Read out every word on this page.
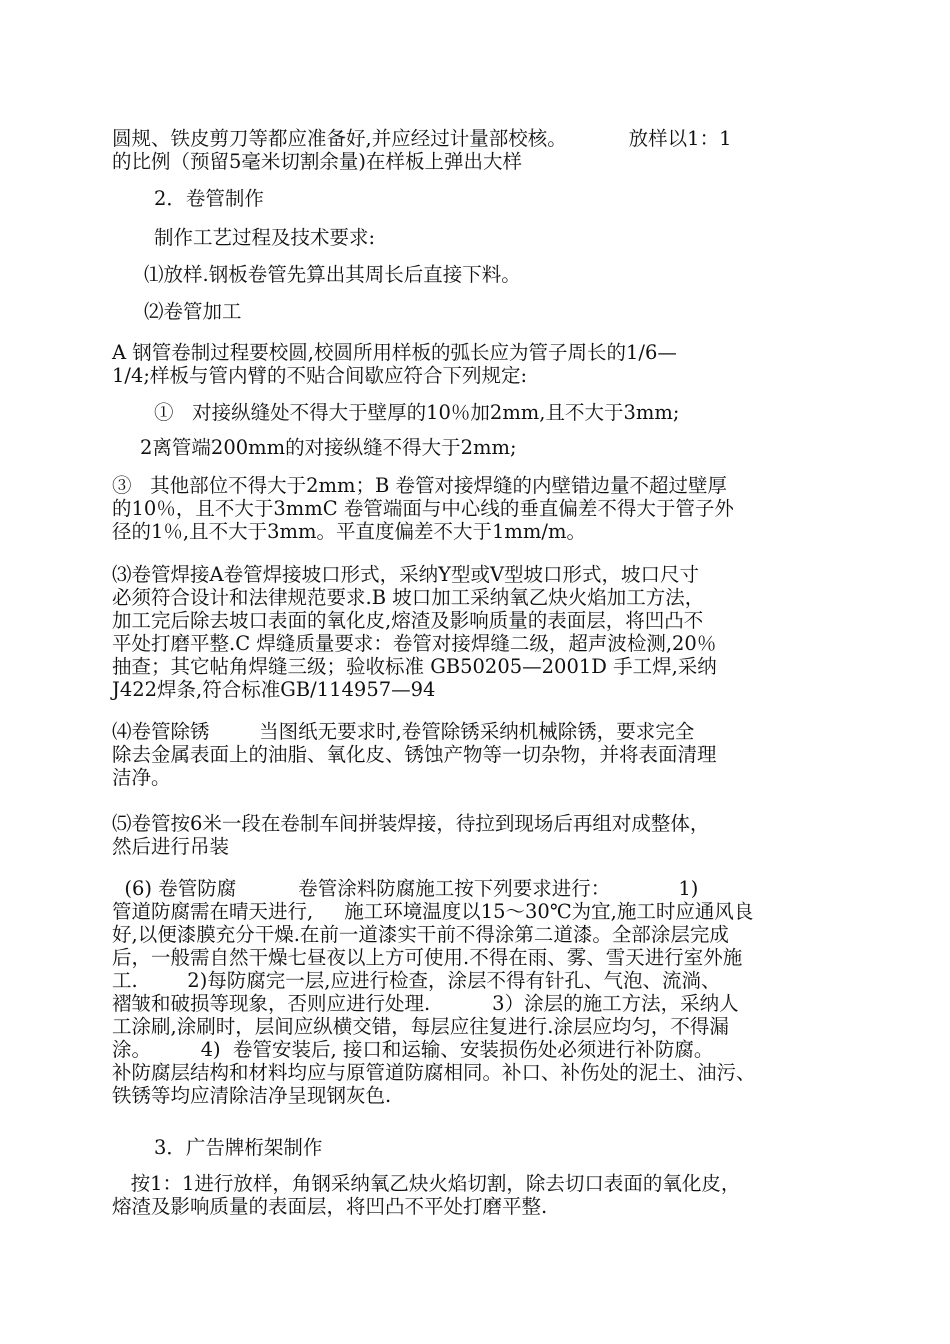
圆规、铁皮剪刀等都应准备好,并应经过计量部校核。          放样以1：1
的比例（预留5毫米切割余量)在样板上弹出大样

2．卷管制作

制作工艺过程及技术要求:

⑴放样.钢板卷管先算出其周长后直接下料。

⑵卷管加工

A 钢管卷制过程要校圆,校圆所用样板的弧长应为管子周长的1/6—
1/4;样板与管内臂的不贴合间歇应符合下列规定:

①   对接纵缝处不得大于壁厚的10％加2mm,且不大于3mm;

2离管端200mm的对接纵缝不得大于2mm;

③   其他部位不得大于2mm；B 卷管对接焊缝的内壁错边量不超过壁厚
的10％，且不大于3mmC 卷管端面与中心线的垂直偏差不得大于管子外
径的1％,且不大于3mm。平直度偏差不大于1mm/m。

⑶卷管焊接A卷管焊接坡口形式，采纳Y型或V型坡口形式，坡口尺寸
必须符合设计和法律规范要求.B 坡口加工采纳氧乙炔火焰加工方法，
加工完后除去坡口表面的氧化皮,熔渣及影响质量的表面层，将凹凸不
平处打磨平整.C 焊缝质量要求：卷管对接焊缝二级，超声波检测,20％
抽查；其它帖角焊缝三级；验收标准 GB50205—2001D 手工焊,采纳
J422焊条,符合标准GB/114957—94

⑷卷管除锈        当图纸无要求时,卷管除锈采纳机械除锈，要求完全
除去金属表面上的油脂、氧化皮、锈蚀产物等一切杂物，并将表面清理
洁净。

⑸卷管按6米一段在卷制车间拼装焊接，待拉到现场后再组对成整体，
然后进行吊装

(6) 卷管防腐          卷管涂料防腐施工按下列要求进行：           1)
管道防腐需在晴天进行,     施工环境温度以15～30℃为宜,施工时应通风良
好,以便漆膜充分干燥.在前一道漆实干前不得涂第二道漆。全部涂层完成
后，一般需自然干燥七昼夜以上方可使用.不得在雨、雾、雪天进行室外施
工.        2)每防腐完一层,应进行检查，涂层不得有针孔、气泡、流淌、
褶皱和破损等现象，否则应进行处理.          3）涂层的施工方法，采纳人
工涂刷,涂刷时，层间应纵横交错，每层应往复进行.涂层应均匀，不得漏
涂。        4)  卷管安装后, 接口和运输、安装损伤处必须进行补防腐。
补防腐层结构和材料均应与原管道防腐相同。补口、补伤处的泥土、油污、
铁锈等均应清除洁净呈现钢灰色.

3．广告牌桁架制作

按1：1进行放样，角钢采纳氧乙炔火焰切割，除去切口表面的氧化皮，
熔渣及影响质量的表面层，将凹凸不平处打磨平整.
